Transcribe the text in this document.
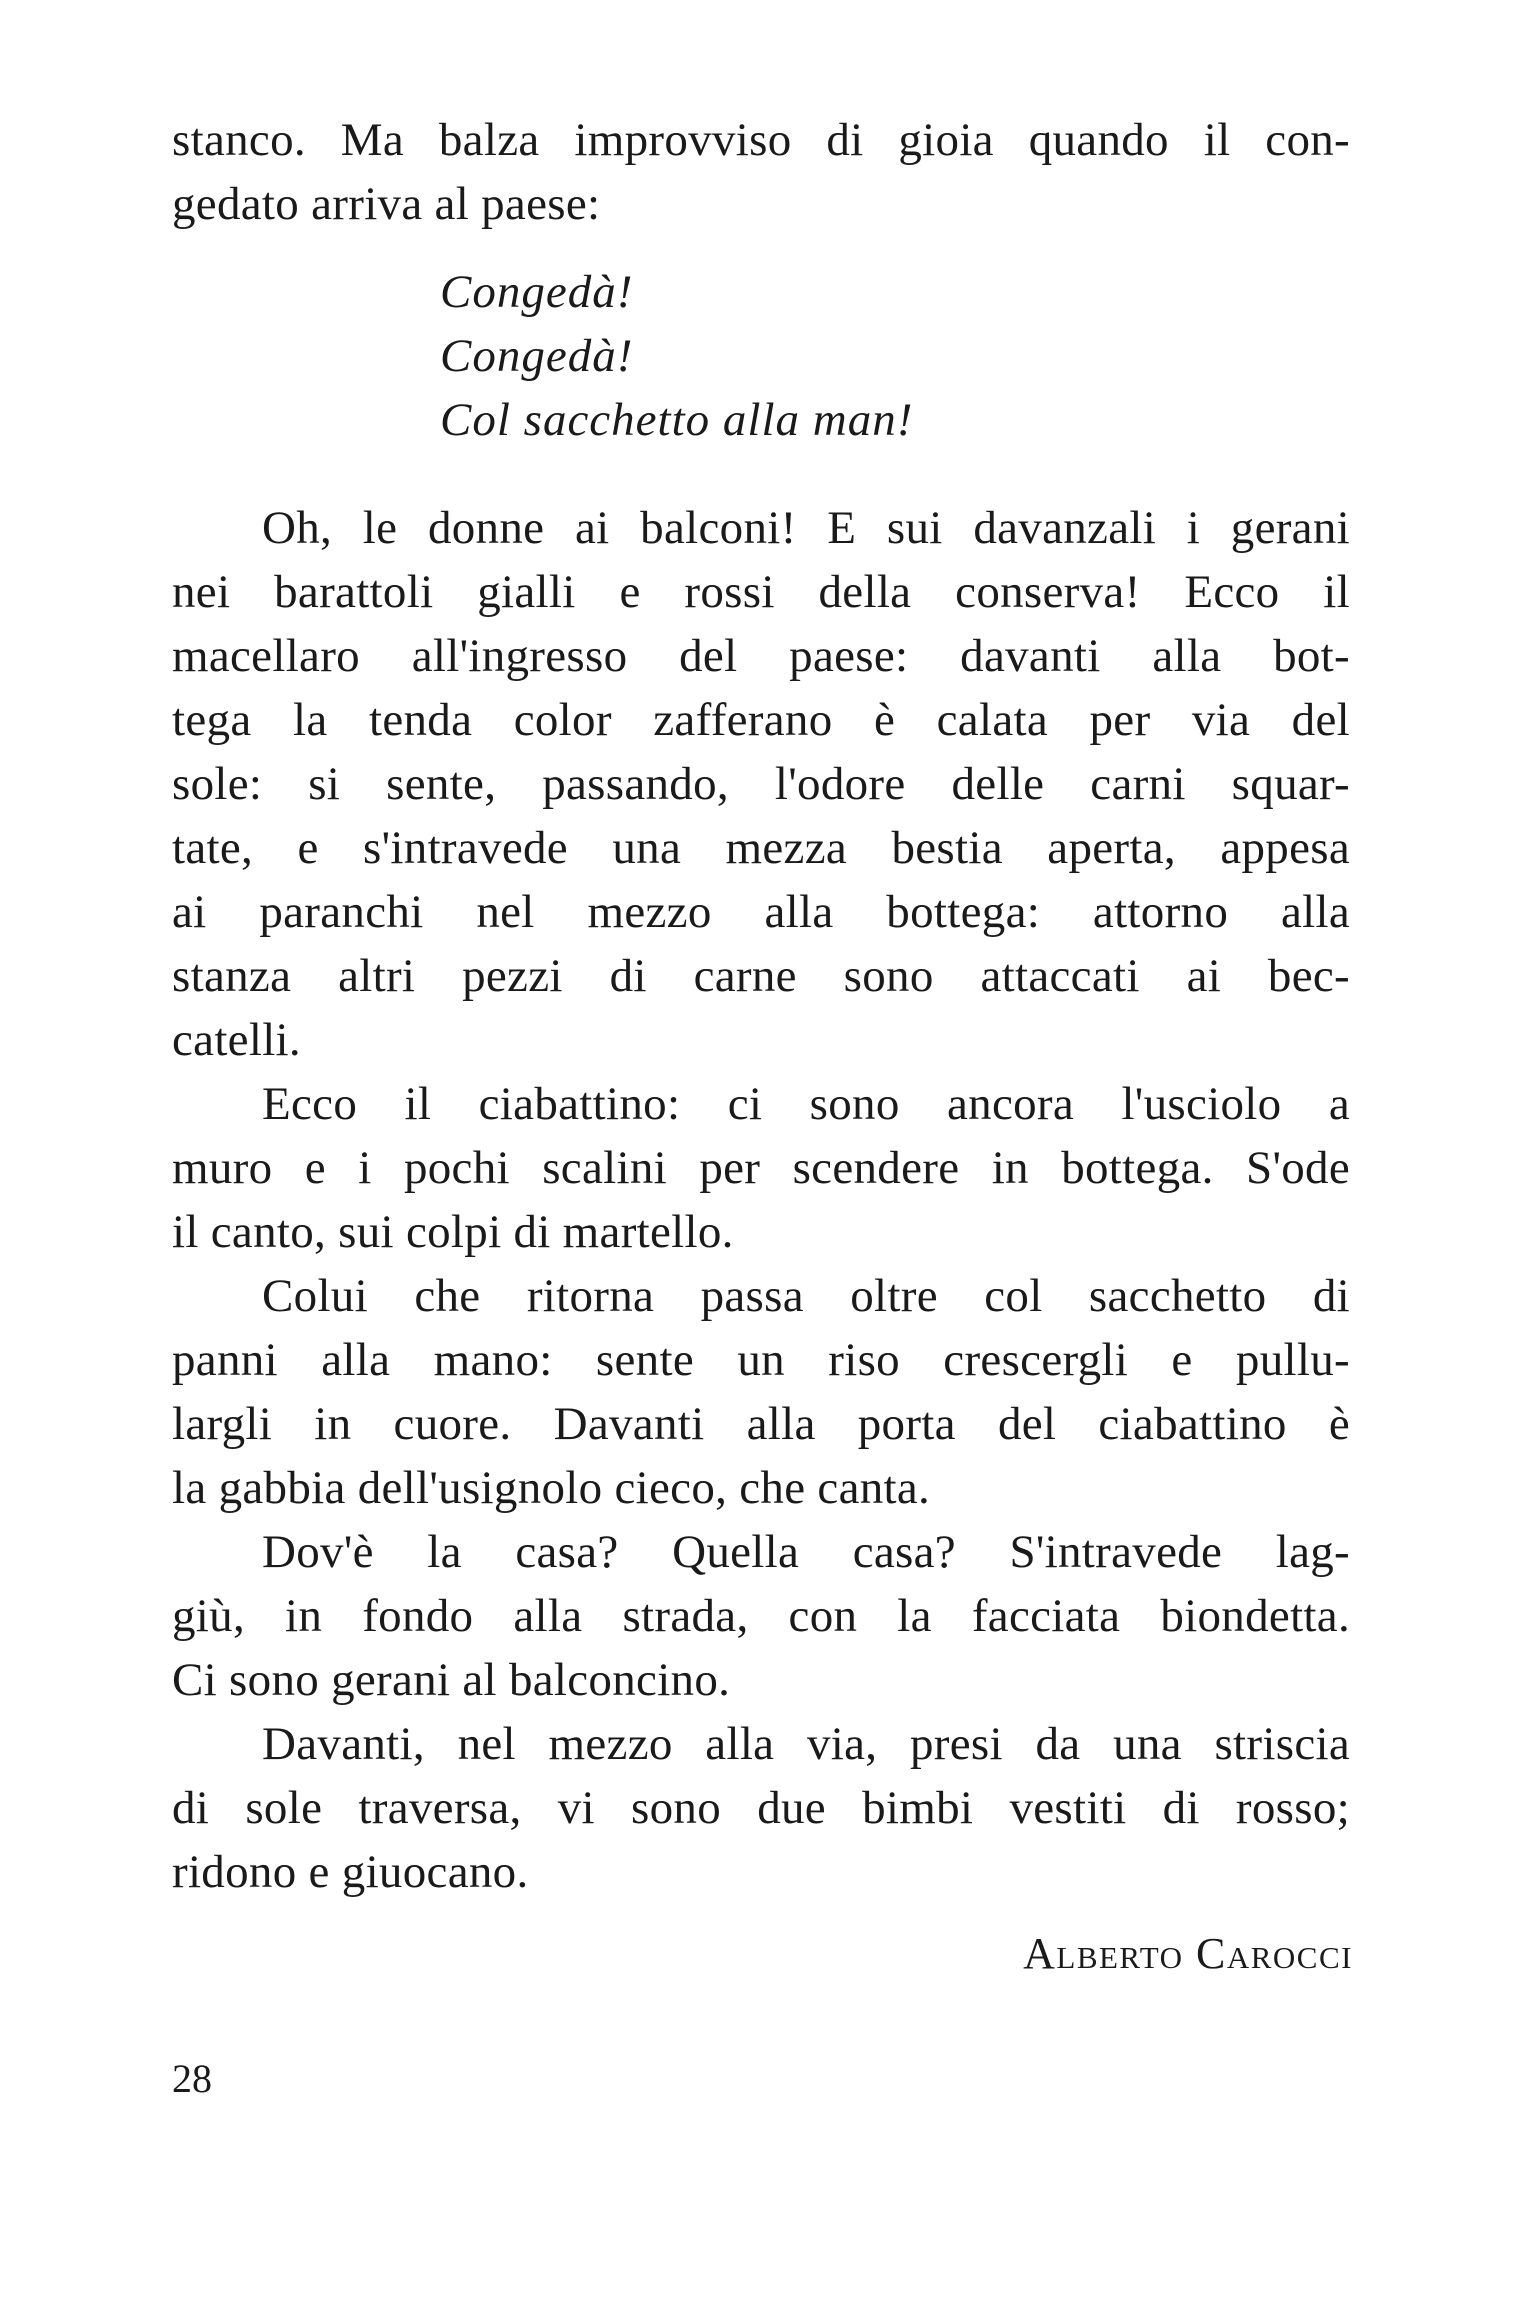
stanco. Ma balza improvviso di gioia quando il con-
gedato arriva al paese:
Congedà!
Congedà!
Col sacchetto alla man!
Oh, le donne ai balconi! E sui davanzali i gerani
nei barattoli gialli e rossi della conserva! Ecco il
macellaro all'ingresso del paese: davanti alla bot-
tega la tenda color zafferano è calata per via del
sole: si sente, passando, l'odore delle carni squar-
tate, e s'intravede una mezza bestia aperta, appesa
ai paranchi nel mezzo alla bottega: attorno alla
stanza altri pezzi di carne sono attaccati ai bec-
catelli.
Ecco il ciabattino: ci sono ancora l'usciolo a
muro e i pochi scalini per scendere in bottega. S'ode
il canto, sui colpi di martello.
Colui che ritorna passa oltre col sacchetto di
panni alla mano: sente un riso crescergli e pullu-
largli in cuore. Davanti alla porta del ciabattino è
la gabbia dell'usignolo cieco, che canta.
Dov'è la casa? Quella casa? S'intravede lag-
giù, in fondo alla strada, con la facciata biondetta.
Ci sono gerani al balconcino.
Davanti, nel mezzo alla via, presi da una striscia
di sole traversa, vi sono due bimbi vestiti di rosso;
ridono e giuocano.
Alberto Carocci
28
